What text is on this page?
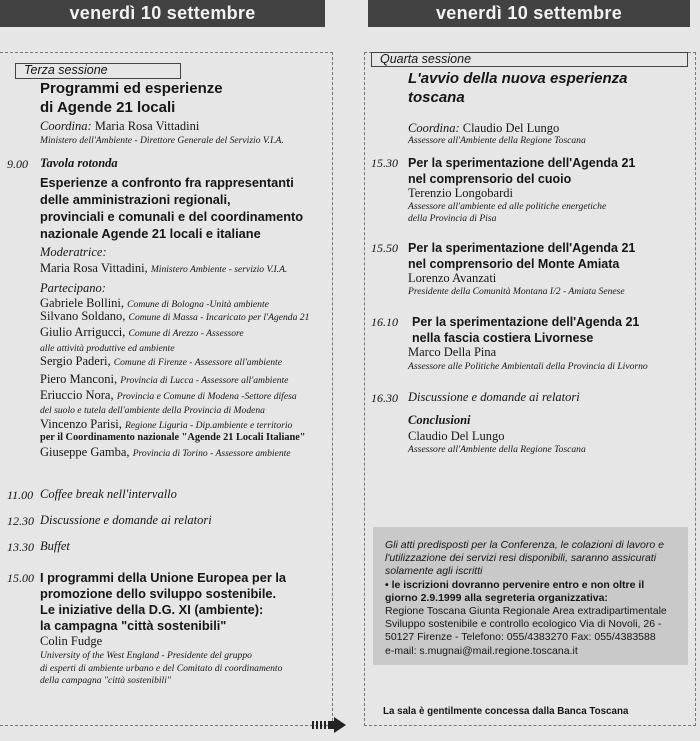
venerdì 10 settembre	venerdì 10 settembre
Terza sessione
Programmi ed esperienze
di Agende 21 locali
Coordina: Maria Rosa Vittadini
Ministero dell'Ambiente - Direttore Generale del Servizio V.I.A.
9.00 Tavola rotonda
Esperienze a confronto fra rappresentanti
delle amministrazioni regionali,
provinciali e comunali e del coordinamento
nazionale Agende 21 locali e italiane
Moderatrice:
Maria Rosa Vittadini, Ministero Ambiente - servizio V.I.A.
Partecipano:
Gabriele Bollini, Comune di Bologna -Unità ambiente
Silvano Soldano, Comune di Massa - Incaricato per l'Agenda 21
Giulio Arrigucci, Comune di Arezzo - Assessore
alle attività produttive ed ambiente
Sergio Paderi, Comune di Firenze - Assessore all'ambiente
Piero Manconi, Provincia di Lucca - Assessore all'ambiente
Eriuccio Nora, Provincia e Comune di Modena -Settore difesa
del suolo e tutela dell'ambiente della Provincia di Modena
Vincenzo Parisi, Regione Liguria - Dip.ambiente e territorio
per il Coordinamento nazionale "Agende 21 Locali Italiane"
Giuseppe Gamba, Provincia di Torino - Assessore ambiente
11.00 Coffee break nell'intervallo
12.30 Discussione e domande ai relatori
13.30 Buffet
15.00 I programmi della Unione Europea per la
promozione dello sviluppo sostenibile.
Le iniziative della D.G. XI (ambiente):
la campagna "città sostenibili"
Colin Fudge
University of the West England - Presidente del gruppo
di esperti di ambiente urbano e del Comitato di coordinamento
della campagna "città sostenibili"
Quarta sessione
L'avvio della nuova esperienza
toscana
Coordina: Claudio Del Lungo
Assessore all'Ambiente della Regione Toscana
15.30 Per la sperimentazione dell'Agenda 21
nel comprensorio del cuoio
Terenzio Longobardi
Assessore all'ambiente ed alle politiche energetiche
della Provincia di Pisa
15.50 Per la sperimentazione dell'Agenda 21
nel comprensorio del Monte Amiata
Lorenzo Avanzati
Presidente della Comunità Montana I/2 - Amiata Senese
16.10 Per la sperimentazione dell'Agenda 21
nella fascia costiera Livornese
Marco Della Pina
Assessore alle Politiche Ambientali della Provincia di Livorno
16.30 Discussione e domande ai relatori
Conclusioni
Claudio Del Lungo
Assessore all'Ambiente della Regione Toscana
Gli atti predisposti per la Conferenza, le colazioni di lavoro e
l'utilizzazione dei servizi resi disponibili, saranno assicurati
solamente agli iscritti
• le iscrizioni dovranno pervenire entro e non oltre il
giorno 2.9.1999 alla segreteria organizzativa:
Regione Toscana Giunta Regionale Area extradipartimentale
Sviluppo sostenibile e controllo ecologico Via di Novoli, 26 -
50127 Firenze - Telefono: 055/4383270 Fax: 055/4383588
e-mail: s.mugnai@mail.regione.toscana.it
La sala è gentilmente concessa dalla Banca Toscana
